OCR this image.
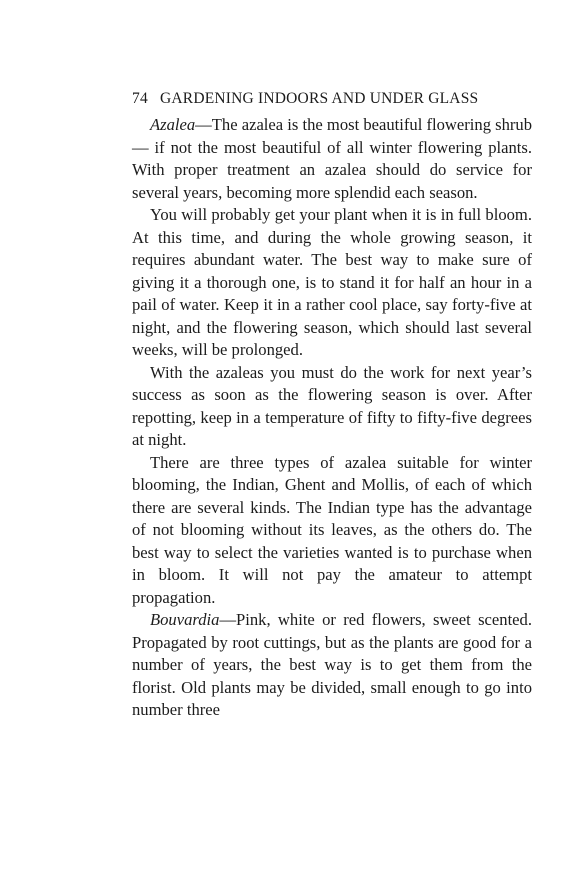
74 GARDENING INDOORS AND UNDER GLASS

Azalea—The azalea is the most beautiful flowering shrub — if not the most beautiful of all winter flowering plants. With proper treatment an azalea should do service for several years, becoming more splendid each season.

You will probably get your plant when it is in full bloom. At this time, and during the whole growing season, it requires abundant water. The best way to make sure of giving it a thorough one, is to stand it for half an hour in a pail of water. Keep it in a rather cool place, say forty-five at night, and the flowering season, which should last several weeks, will be prolonged.

With the azaleas you must do the work for next year’s success as soon as the flowering season is over. After repotting, keep in a temperature of fifty to fifty-five degrees at night.

There are three types of azalea suitable for winter blooming, the Indian, Ghent and Mollis, of each of which there are several kinds. The Indian type has the advantage of not blooming without its leaves, as the others do. The best way to select the varieties wanted is to purchase when in bloom. It will not pay the amateur to attempt propagation.

Bouvardia—Pink, white or red flowers, sweet scented. Propagated by root cuttings, but as the plants are good for a number of years, the best way is to get them from the florist. Old plants may be divided, small enough to go into number three
